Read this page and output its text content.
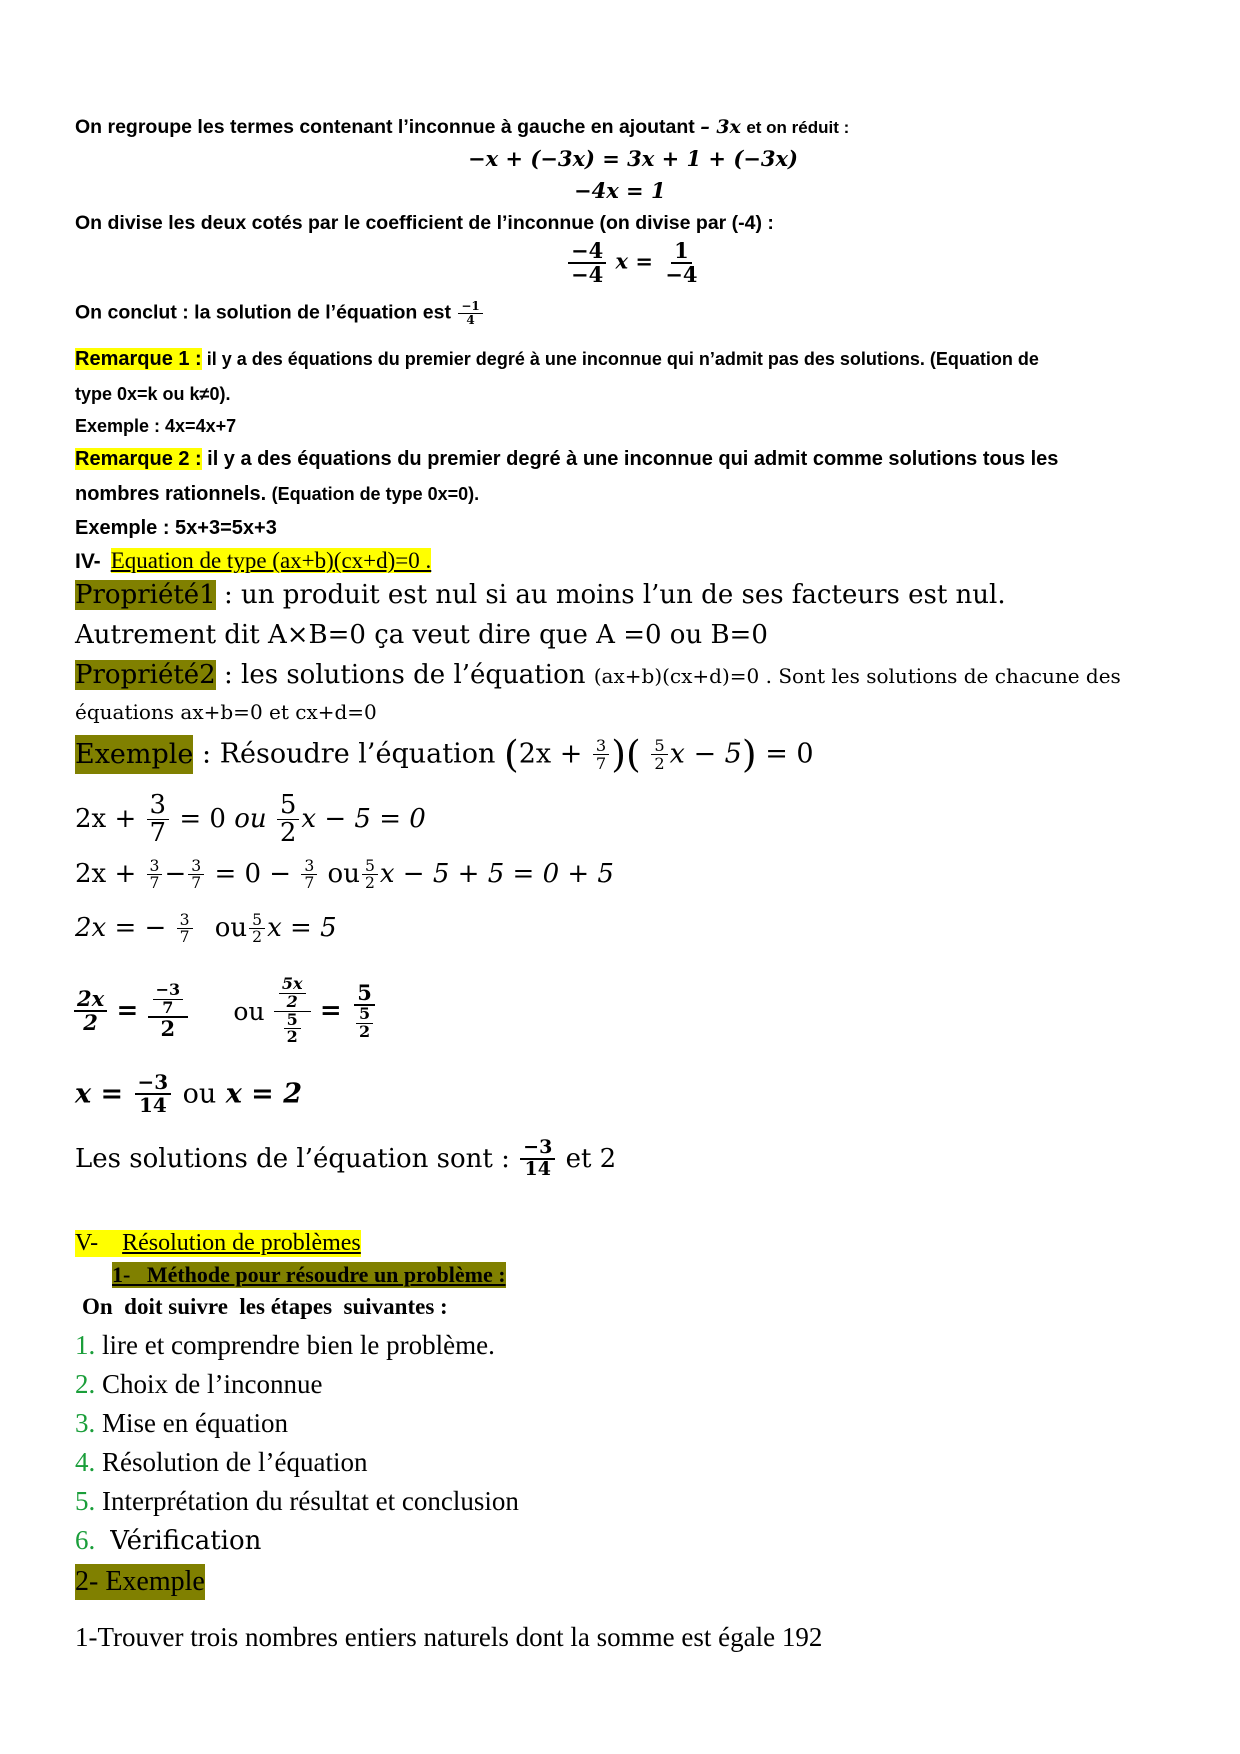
On regroupe les termes contenant l’inconnue à gauche en ajoutant – 3x et on réduit :
−x + (−3x) = 3x + 1 + (−3x)
−4x = 1
On divise les deux cotés par le coefficient de l’inconnue (on divise par (-4) :
$\frac{-4}{-4}$ $x = \frac{1}{-4}$
On conclut : la solution de l’équation est $\frac{-1}{4}$
Remarque 1 : il y a des équations du premier degré à une inconnue qui n’admit pas des solutions. (Equation de
type 0x=k ou k≠0).
Exemple : 4x=4x+7
Remarque 2 : il y a des équations du premier degré à une inconnue qui admit comme solutions tous les
nombres rationnels. (Equation de type 0x=0).
Exemple : 5x+3=5x+3
IV- Equation de type (ax+b)(cx+d)=0 .
Propriété1 : un produit est nul si au moins l’un de ses facteurs est nul.
Autrement dit A×B=0 ça veut dire que A =0 ou B=0
Propriété2 : les solutions de l’équation (ax+b)(cx+d)=0 . Sont les solutions de chacune des
équations ax+b=0 et cx+d=0
Exemple : Résoudre l’équation ($2x + \frac{3}{7}$ )( $\frac{5}{2}$ x − 5) = 0
$2x + \frac{3}{7} = 0$ ou $\frac{5}{2}$ x − 5 = 0
$2x + \frac{3}{7} - \frac{3}{7} = 0 - \frac{3}{7}$ ou $\frac{5}{2}$ x − 5 + 5 = 0 + 5
2x = − $\frac{3}{7}$ ou $\frac{5}{2}$ x = 5
$\frac{2x}{2} = \frac{\frac{-3}{7}}{2}$ ou $\frac{\frac{5x}{2}}{\frac{5}{2}} = \frac{5}{\frac{5}{2}}$
$x = \frac{-3}{14}$ ou x = 2
Les solutions de l’équation sont : $\frac{-3}{14}$ et 2
V- Résolution de problèmes
1-   Méthode pour résoudre un problème :
On  doit suivre  les étapes  suivantes :
1. lire et comprendre bien le problème.
2. Choix de l’inconnue
3. Mise en équation
4. Résolution de l’équation
5. Interprétation du résultat et conclusion
6.  Vérification
2- Exemple
1-Trouver trois nombres entiers naturels dont la somme est égale 192
